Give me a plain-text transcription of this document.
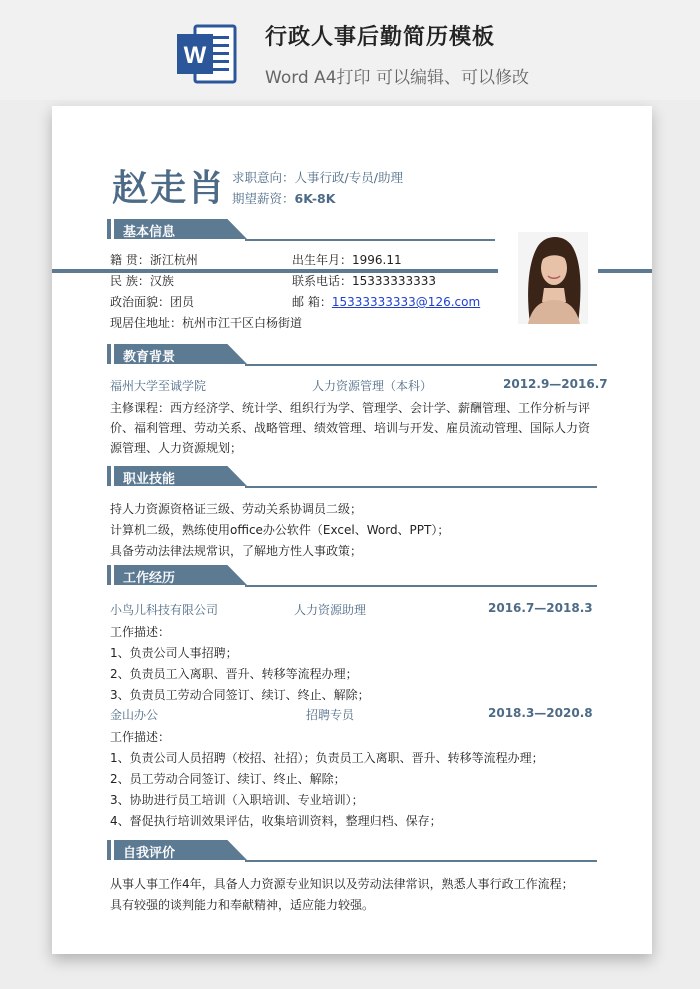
W
行政人事后勤简历模板
Word A4打印 可以编辑、可以修改
赵走肖 求职意向：人事行政/专员/助理
期望薪资：6K-8K
基本信息
籍 贯：浙江杭州	出生年月：1996.11
民 族：汉族	联系电话：15333333333
政治面貌：团员	邮 箱：15333333333@126.com
现居住地址：杭州市江干区白杨街道
教育背景
福州大学至诚学院	人力资源管理（本科）	2012.9—2016.7
主修课程：西方经济学、统计学、组织行为学、管理学、会计学、薪酬管理、工作分析与评
价、福利管理、劳动关系、战略管理、绩效管理、培训与开发、雇员流动管理、国际人力资
源管理、人力资源规划；
职业技能
持人力资源资格证三级、劳动关系协调员二级；
计算机二级，熟练使用office办公软件（Excel、Word、PPT）；
具备劳动法律法规常识，了解地方性人事政策；
工作经历
小鸟儿科技有限公司	人力资源助理	2016.7—2018.3
工作描述：
1、负责公司人事招聘；
2、负责员工入离职、晋升、转移等流程办理；
3、负责员工劳动合同签订、续订、终止、解除；
金山办公	招聘专员	2018.3—2020.8
工作描述：
1、负责公司人员招聘（校招、社招）；负责员工入离职、晋升、转移等流程办理；
2、员工劳动合同签订、续订、终止、解除；
3、协助进行员工培训（入职培训、专业培训）；
4、督促执行培训效果评估，收集培训资料，整理归档、保存；
自我评价
从事人事工作4年，具备人力资源专业知识以及劳动法律常识，熟悉人事行政工作流程；
具有较强的谈判能力和奉献精神，适应能力较强。
